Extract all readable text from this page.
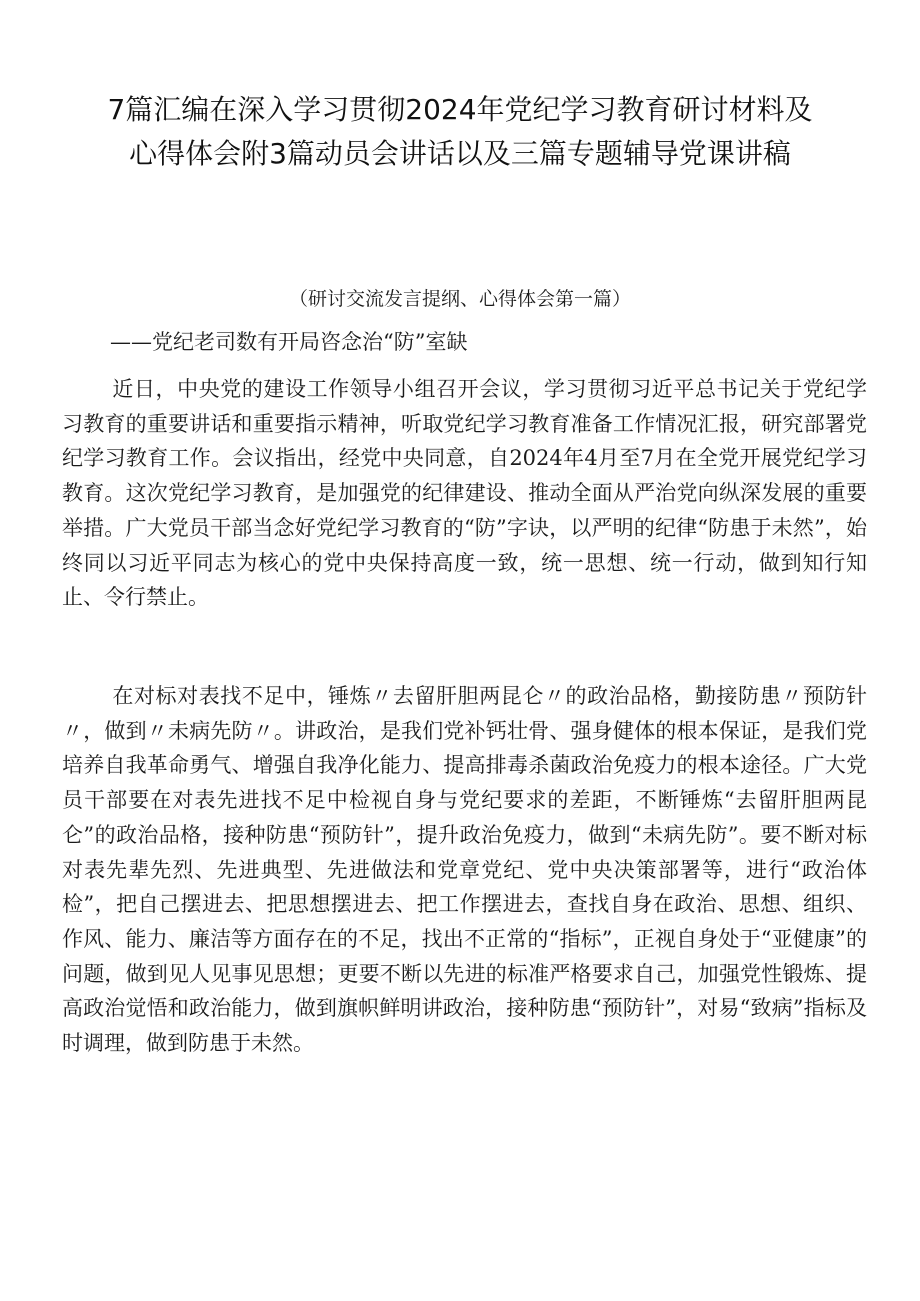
7篇汇编在深入学习贯彻2024年党纪学习教育研讨材料及心得体会附3篇动员会讲话以及三篇专题辅导党课讲稿

（研讨交流发言提纲、心得体会第一篇）

——党纪老司数有开局咨念治“防”室缺

近日，中央党的建设工作领导小组召开会议，学习贯彻习近平总书记关于党纪学习教育的重要讲话和重要指示精神，听取党纪学习教育准备工作情况汇报，研究部署党纪学习教育工作。会议指出，经党中央同意，自2024年4月至7月在全党开展党纪学习教育。这次党纪学习教育，是加强党的纪律建设、推动全面从严治党向纵深发展的重要举措。广大党员干部当念好党纪学习教育的“防”字诀，以严明的纪律“防患于未然”，始终同以习近平同志为核心的党中央保持高度一致，统一思想、统一行动，做到知行知止、令行禁止。

在对标对表找不足中，锤炼〃去留肝胆两昆仑〃的政治品格，勤接防患〃预防针〃，做到〃未病先防〃。讲政治，是我们党补钙壮骨、强身健体的根本保证，是我们党培养自我革命勇气、增强自我净化能力、提高排毒杀菌政治免疫力的根本途径。广大党员干部要在对表先进找不足中检视自身与党纪要求的差距，不断锤炼“去留肝胆两昆仑”的政治品格，接种防患“预防针”，提升政治免疫力，做到“未病先防”。要不断对标对表先辈先烈、先进典型、先进做法和党章党纪、党中央决策部署等，进行“政治体检”，把自己摆进去、把思想摆进去、把工作摆进去，查找自身在政治、思想、组织、作风、能力、廉洁等方面存在的不足，找出不正常的“指标”，正视自身处于“亚健康”的问题，做到见人见事见思想；更要不断以先进的标准严格要求自己，加强党性锻炼、提高政治觉悟和政治能力，做到旗帜鲜明讲政治，接种防患“预防针”，对易“致病”指标及时调理，做到防患于未然。
